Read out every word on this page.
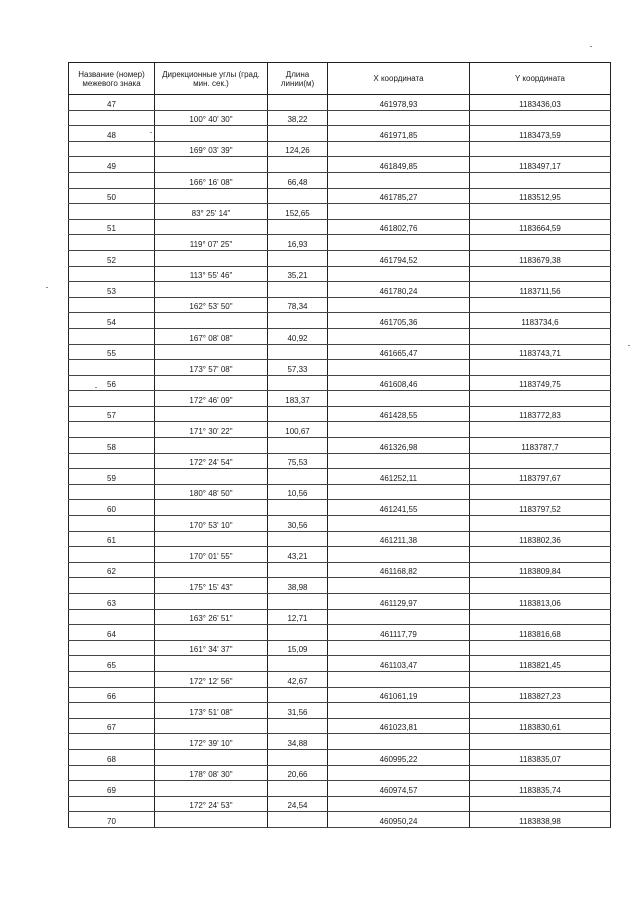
Название (номер) межевого знака	Дирекционные углы (град. мин. сек.)	Длина линии(м)	X координата	Y координата
47			461978,93	1183436,03
	100° 40' 30"	38,22		
48			461971,85	1183473,59
	169° 03' 39"	124,26		
49			461849,85	1183497,17
	166° 16' 08"	66,48		
50			461785,27	1183512,95
	83° 25' 14"	152,65		
51			461802,76	1183664,59
	119° 07' 25"	16,93		
52			461794,52	1183679,38
	113° 55' 46"	35,21		
53			461780,24	1183711,56
	162° 53' 50"	78,34		
54			461705,36	1183734,6
	167° 08' 08"	40,92		
55			461665,47	1183743,71
	173° 57' 08"	57,33		
56			461608,46	1183749,75
	172° 46' 09"	183,37		
57			461428,55	1183772,83
	171° 30' 22"	100,67		
58			461326,98	1183787,7
	172° 24' 54"	75,53		
59			461252,11	1183797,67
	180° 48' 50"	10,56		
60			461241,55	1183797,52
	170° 53' 10"	30,56		
61			461211,38	1183802,36
	170° 01' 55"	43,21		
62			461168,82	1183809,84
	175° 15' 43"	38,98		
63			461129,97	1183813,06
	163° 26' 51"	12,71		
64			461117,79	1183816,68
	161° 34' 37"	15,09		
65			461103,47	1183821,45
	172° 12' 56"	42,67		
66			461061,19	1183827,23
	173° 51' 08"	31,56		
67			461023,81	1183830,61
	172° 39' 10"	34,88		
68			460995,22	1183835,07
	178° 08' 30"	20,66		
69			460974,57	1183835,74
	172° 24' 53"	24,54		
70			460950,24	1183838,98
